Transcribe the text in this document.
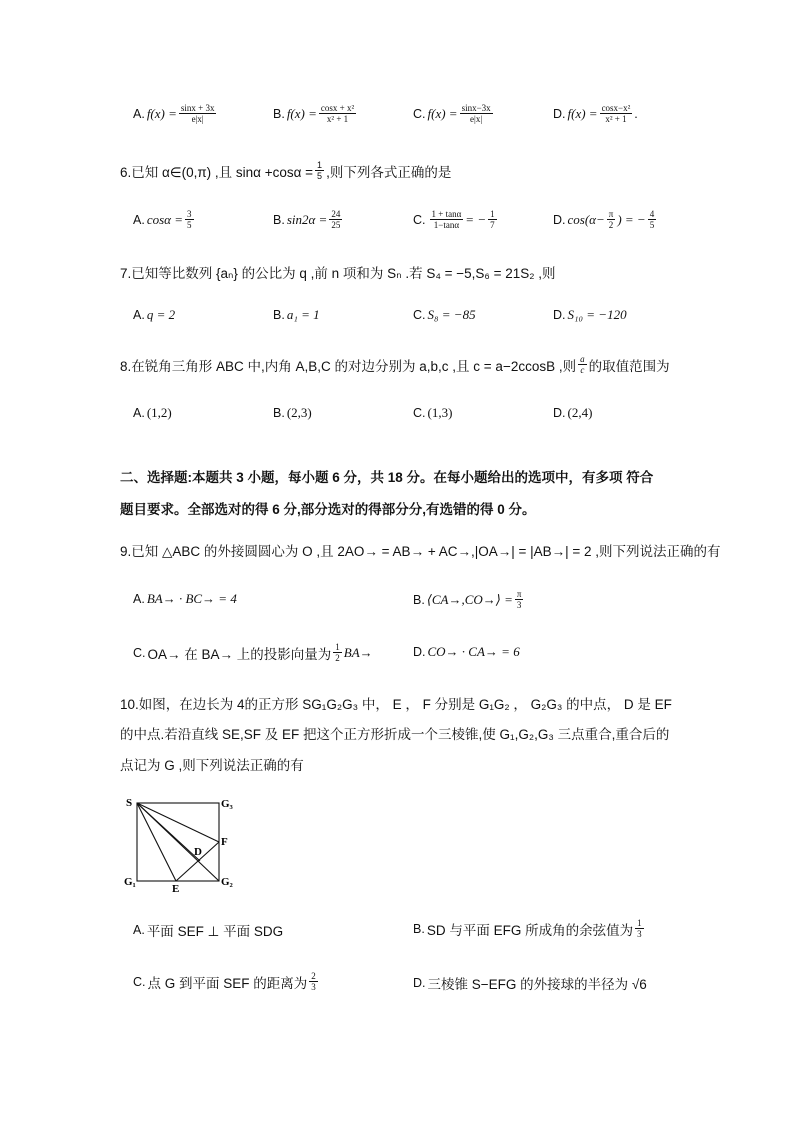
A. $f(x) = \frac{\sin x + 3x}{e|x|}$	B. $f(x) = \frac{\text{cosx + x²}}{\text{x² + 1}}$	C. $f(x) = \frac{\sin x-3x}{e|x|}$	D. $f(x) = \frac{\text{cosx−x²}}{\text{x² + 1}}$ .
6.已知 α∈(0,π) ,且 $\sin\alpha +\cos\alpha = \frac{1}{5}$ ,则下列各式正确的是
A. $\cos\alpha = \frac{3}{5}$	B. $\sin 2\alpha = \frac{24}{25}$	C. $\frac{1 + \tan\alpha}{1-\tan\alpha}$ = − $\frac{1}{7}$	D. $\cos(\alpha- \frac{\pi}{2}$ ) = − $\frac{4}{5}$
7.已知等比数列 {aₙ} 的公比为 q ,前 n 项和为 Sₙ .若 S₄ = −5,S₆ = 21S₂ ,则
A. q = 2	B. a₁ = 1	C. S₈ = −85	D. S₁₀ = −120
8.在锐角三角形 ABC 中,内角 A,B,C 的对边分别为 a,b,c ,且 c = a−2ccosB ,则 $\frac{a}{c}$ 的取值范围为
A. (1,2)	B. (2,3)	C. (1,3)	D. (2,4)
二、选择题:本题共 3 小题，每小题 6 分，共 18 分。在每小题给出的选项中，有多项 符合
题目要求。全部选对的得 6 分,部分选对的得部分分,有选错的得 0 分。
9.已知 △ABC 的外接圆圆心为 O ,且 2AO→ = AB→ + AC→,|OA→| = |AB→| = 2 ,则下列说法正确的有
A. BA→ · BC→ = 4	B. ⟨CA→,CO→⟩ = $\frac{\pi}{3}$
C. OA→ 在 BA→ 上的投影向量为 $\frac{1}{2} BA\to$	D. CO→ · CA→ = 6
10.如图，在边长为 4的正方形 SG₁G₂G₃ 中， E ， F 分别是 G₁G₂ ， G₂G₃ 的中点， D 是 EF
的中点.若沿直线 SE,SF 及 EF 把这个正方形折成一个三棱锥,使 G₁,G₂,G₃ 三点重合,重合后的
点记为 G ,则下列说法正确的有
S	G₃
F
D
G₁
E
G₂
A. 平面 SEF ⊥ 平面 SDG	B. SD 与平面 EFG 所成角的余弦值为 $\frac{1}{3}$
C. 点 G 到平面 SEF 的距离为 $\frac{2}{3}$	D. 三棱锥 S−EFG 的外接球的半径为 √6
